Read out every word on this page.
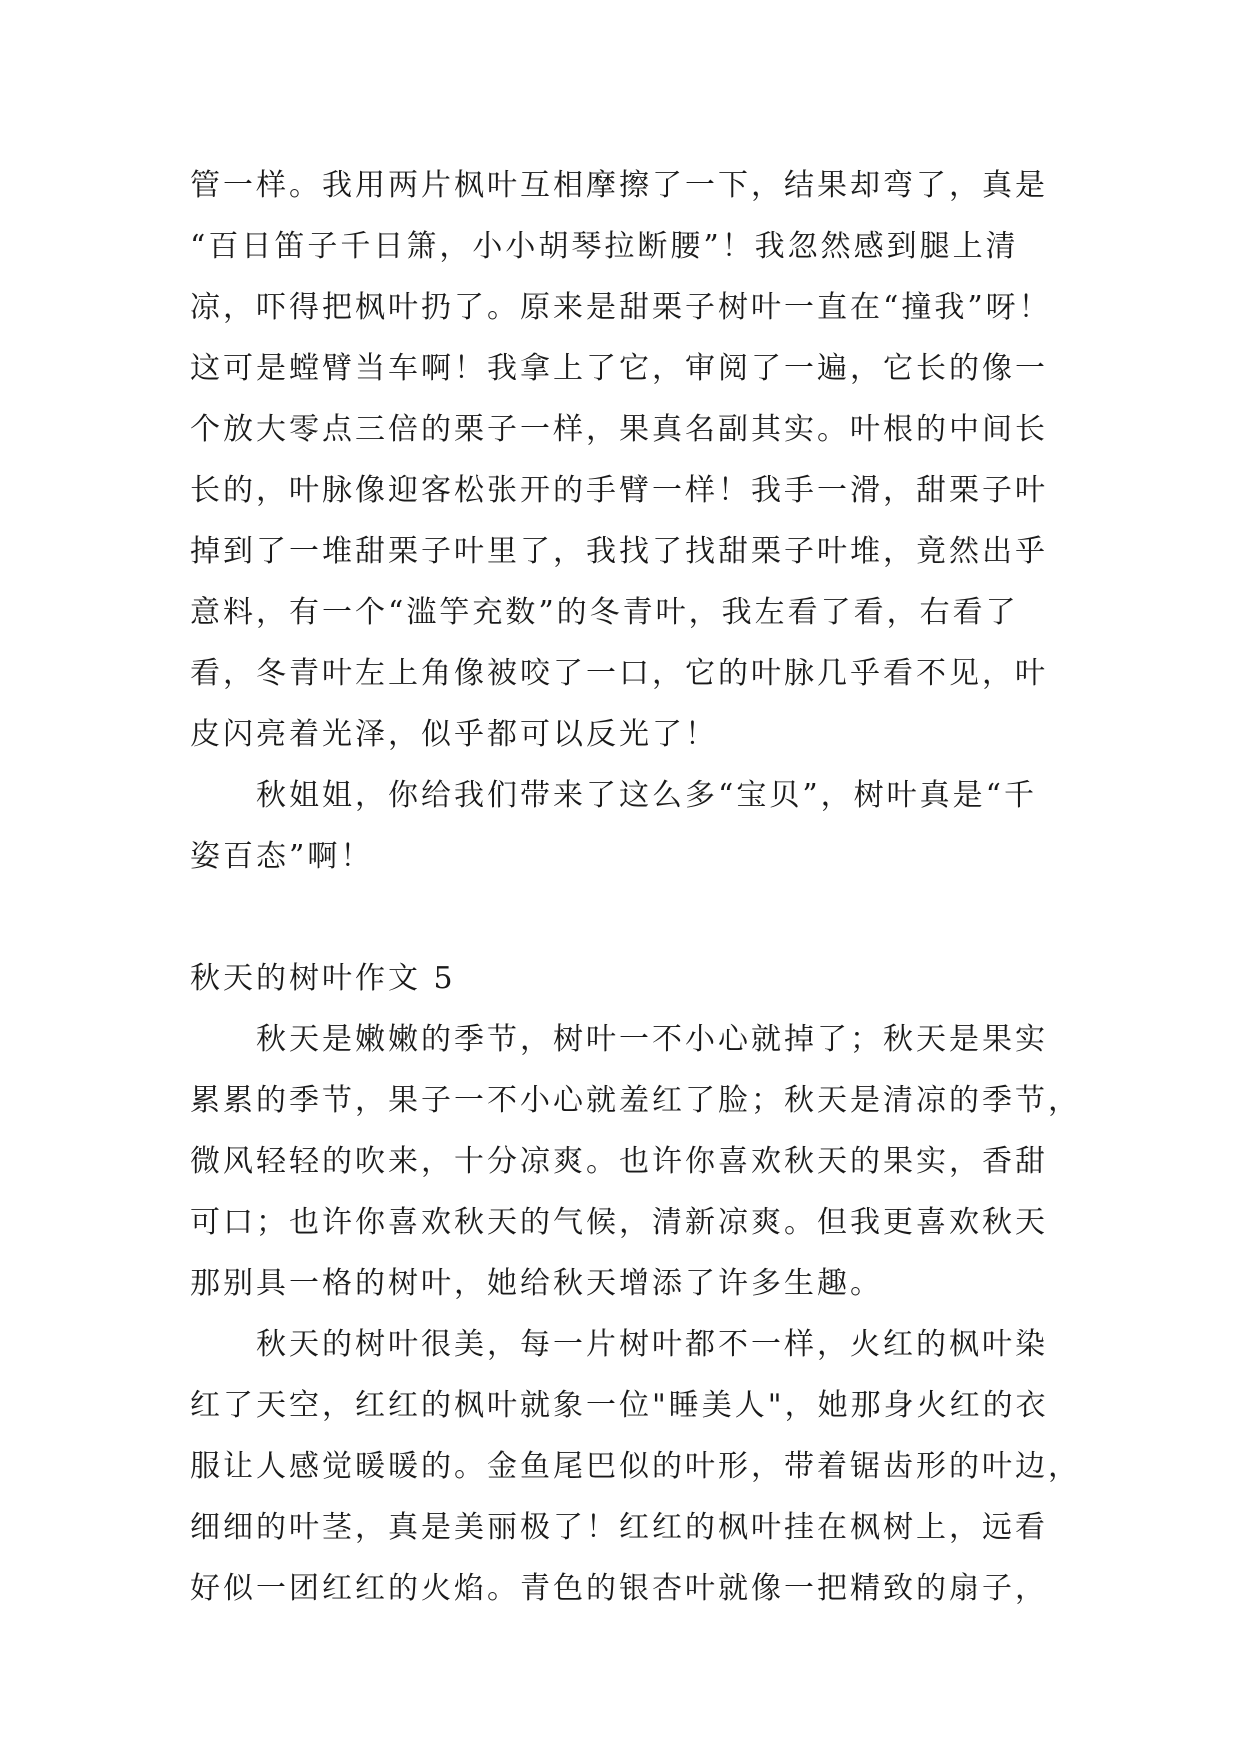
管一样。我用两片枫叶互相摩擦了一下，结果却弯了，真是
“百日笛子千日箫，小小胡琴拉断腰”！我忽然感到腿上清
凉，吓得把枫叶扔了。原来是甜栗子树叶一直在“撞我”呀！
这可是螳臂当车啊！我拿上了它，审阅了一遍，它长的像一
个放大零点三倍的栗子一样，果真名副其实。叶根的中间长
长的，叶脉像迎客松张开的手臂一样！我手一滑，甜栗子叶
掉到了一堆甜栗子叶里了，我找了找甜栗子叶堆，竟然出乎
意料，有一个“滥竽充数”的冬青叶，我左看了看，右看了
看，冬青叶左上角像被咬了一口，它的叶脉几乎看不见，叶
皮闪亮着光泽，似乎都可以反光了！
秋姐姐，你给我们带来了这么多“宝贝”，树叶真是“千
姿百态”啊！
秋天的树叶作文 5
秋天是嫩嫩的季节，树叶一不小心就掉了；秋天是果实
累累的季节，果子一不小心就羞红了脸；秋天是清凉的季节，
微风轻轻的吹来，十分凉爽。也许你喜欢秋天的果实，香甜
可口；也许你喜欢秋天的气候，清新凉爽。但我更喜欢秋天
那别具一格的树叶，她给秋天增添了许多生趣。
秋天的树叶很美，每一片树叶都不一样，火红的枫叶染
红了天空，红红的枫叶就象一位"睡美人"，她那身火红的衣
服让人感觉暖暖的。金鱼尾巴似的叶形，带着锯齿形的叶边，
细细的叶茎，真是美丽极了！红红的枫叶挂在枫树上，远看
好似一团红红的火焰。青色的银杏叶就像一把精致的扇子，
